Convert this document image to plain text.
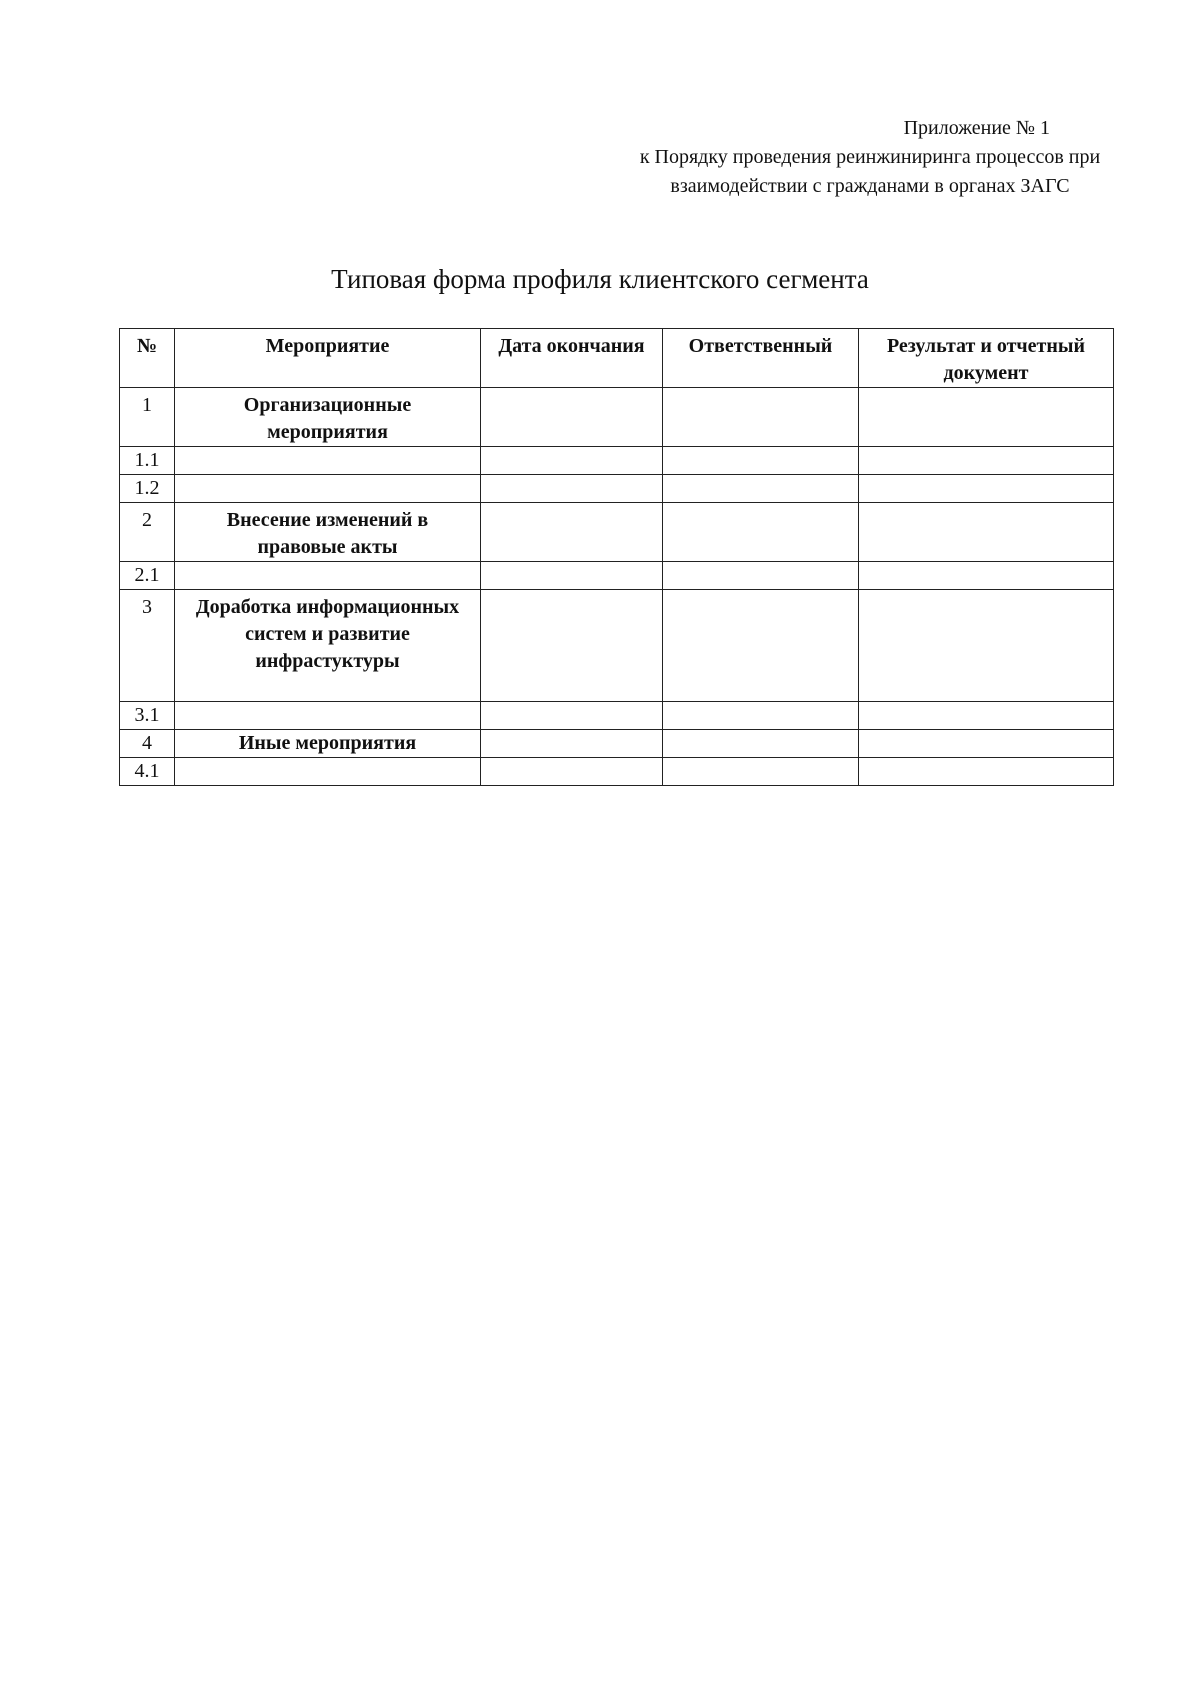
Приложение № 1
к Порядку проведения реинжиниринга процессов при
взаимодействии с гражданами в органах ЗАГС
Типовая форма профиля клиентского сегмента
№	Мероприятие	Дата окончания	Ответственный	Результат и отчетный документ
1	Организационные мероприятия			
1.1				
1.2				
2	Внесение изменений в правовые акты			
2.1				
3	Доработка информационных систем и развитие инфрастуктуры			
3.1				
4	Иные мероприятия			
4.1				
